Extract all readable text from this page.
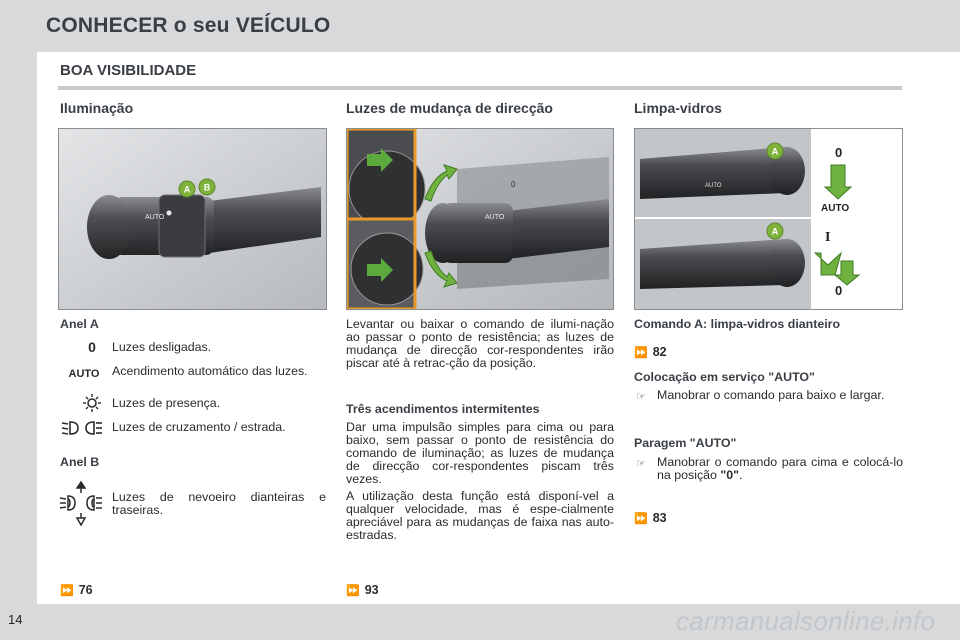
CONHECER o seu VEÍCULO
14	carmanualsonline.info
BOA VISIBILIDADE
Iluminação	Luzes de mudança de direcção	Limpa-vidros
AUTO
B
A	0
AUTO
AUTO
A
A
0
AUTO
I
0
Anel A
0	Luzes desligadas.
AUTO	Acendimento automático das luzes.
Luzes de presença.
Luzes de cruzamento / estrada.
Anel B
Luzes de nevoeiro dianteiras e traseiras.
⏩ 76
Levantar ou baixar o comando de ilumi-nação ao passar o ponto de resistência; as luzes de mudança de direcção cor-respondentes irão piscar até à retrac-ção da posição.
Três acendimentos intermitentes
Dar uma impulsão simples para cima ou para baixo, sem passar o ponto de resistência do comando de iluminação; as luzes de mudança de direcção cor-respondentes piscam três vezes.
A utilização desta função está disponí-vel a qualquer velocidade, mas é espe-cialmente apreciável para as mudanças de faixa nas auto-estradas.
⏩ 93
Comando A: limpa-vidros dianteiro
⏩ 82
Colocação em serviço "AUTO"
☞ Manobrar o comando para baixo e largar.
Paragem "AUTO"
☞ Manobrar o comando para cima e colocá-lo na posição "0".
⏩ 83
